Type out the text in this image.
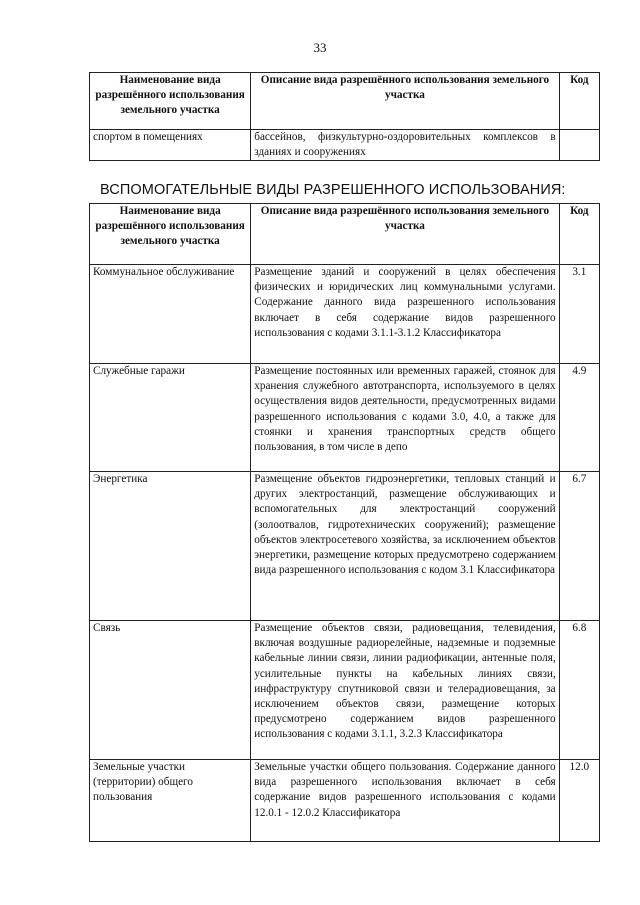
33
Наименование вида разрешённого использования земельного участка	Описание вида разрешённого использования земельного участка	Код
спортом в помещениях	бассейнов, физкультурно-оздоровительных комплексов в зданиях и сооружениях	
ВСПОМОГАТЕЛЬНЫЕ ВИДЫ РАЗРЕШЕННОГО ИСПОЛЬЗОВАНИЯ:
Наименование вида разрешённого использования земельного участка	Описание вида разрешённого использования земельного участка	Код
Коммунальное обслуживание	Размещение зданий и сооружений в целях обеспечения физических и юридических лиц коммунальными услугами. Содержание данного вида разрешенного использования включает в себя содержание видов разрешенного использования с кодами 3.1.1-3.1.2 Классификатора	3.1
Служебные гаражи	Размещение постоянных или временных гаражей, стоянок для хранения служебного автотранспорта, используемого в целях осуществления видов деятельности, предусмотренных видами разрешенного использования с кодами 3.0, 4.0, а также для стоянки и хранения транспортных средств общего пользования, в том числе в депо	4.9
Энергетика	Размещение объектов гидроэнергетики, тепловых станций и других электростанций, размещение обслуживающих и вспомогательных для электростанций сооружений (золоотвалов, гидротехнических сооружений); размещение объектов электросетевого хозяйства, за исключением объектов энергетики, размещение которых предусмотрено содержанием вида разрешенного использования с кодом 3.1 Классификатора	6.7
Связь	Размещение объектов связи, радиовещания, телевидения, включая воздушные радиорелейные, надземные и подземные кабельные линии связи, линии радиофикации, антенные поля, усилительные пункты на кабельных линиях связи, инфраструктуру спутниковой связи и телерадиовещания, за исключением объектов связи, размещение которых предусмотрено содержанием видов разрешенного использования с кодами 3.1.1, 3.2.3 Классификатора	6.8
Земельные участки (территории) общего пользования	Земельные участки общего пользования. Содержание данного вида разрешенного использования включает в себя содержание видов разрешенного использования с кодами 12.0.1 - 12.0.2 Классификатора	12.0
